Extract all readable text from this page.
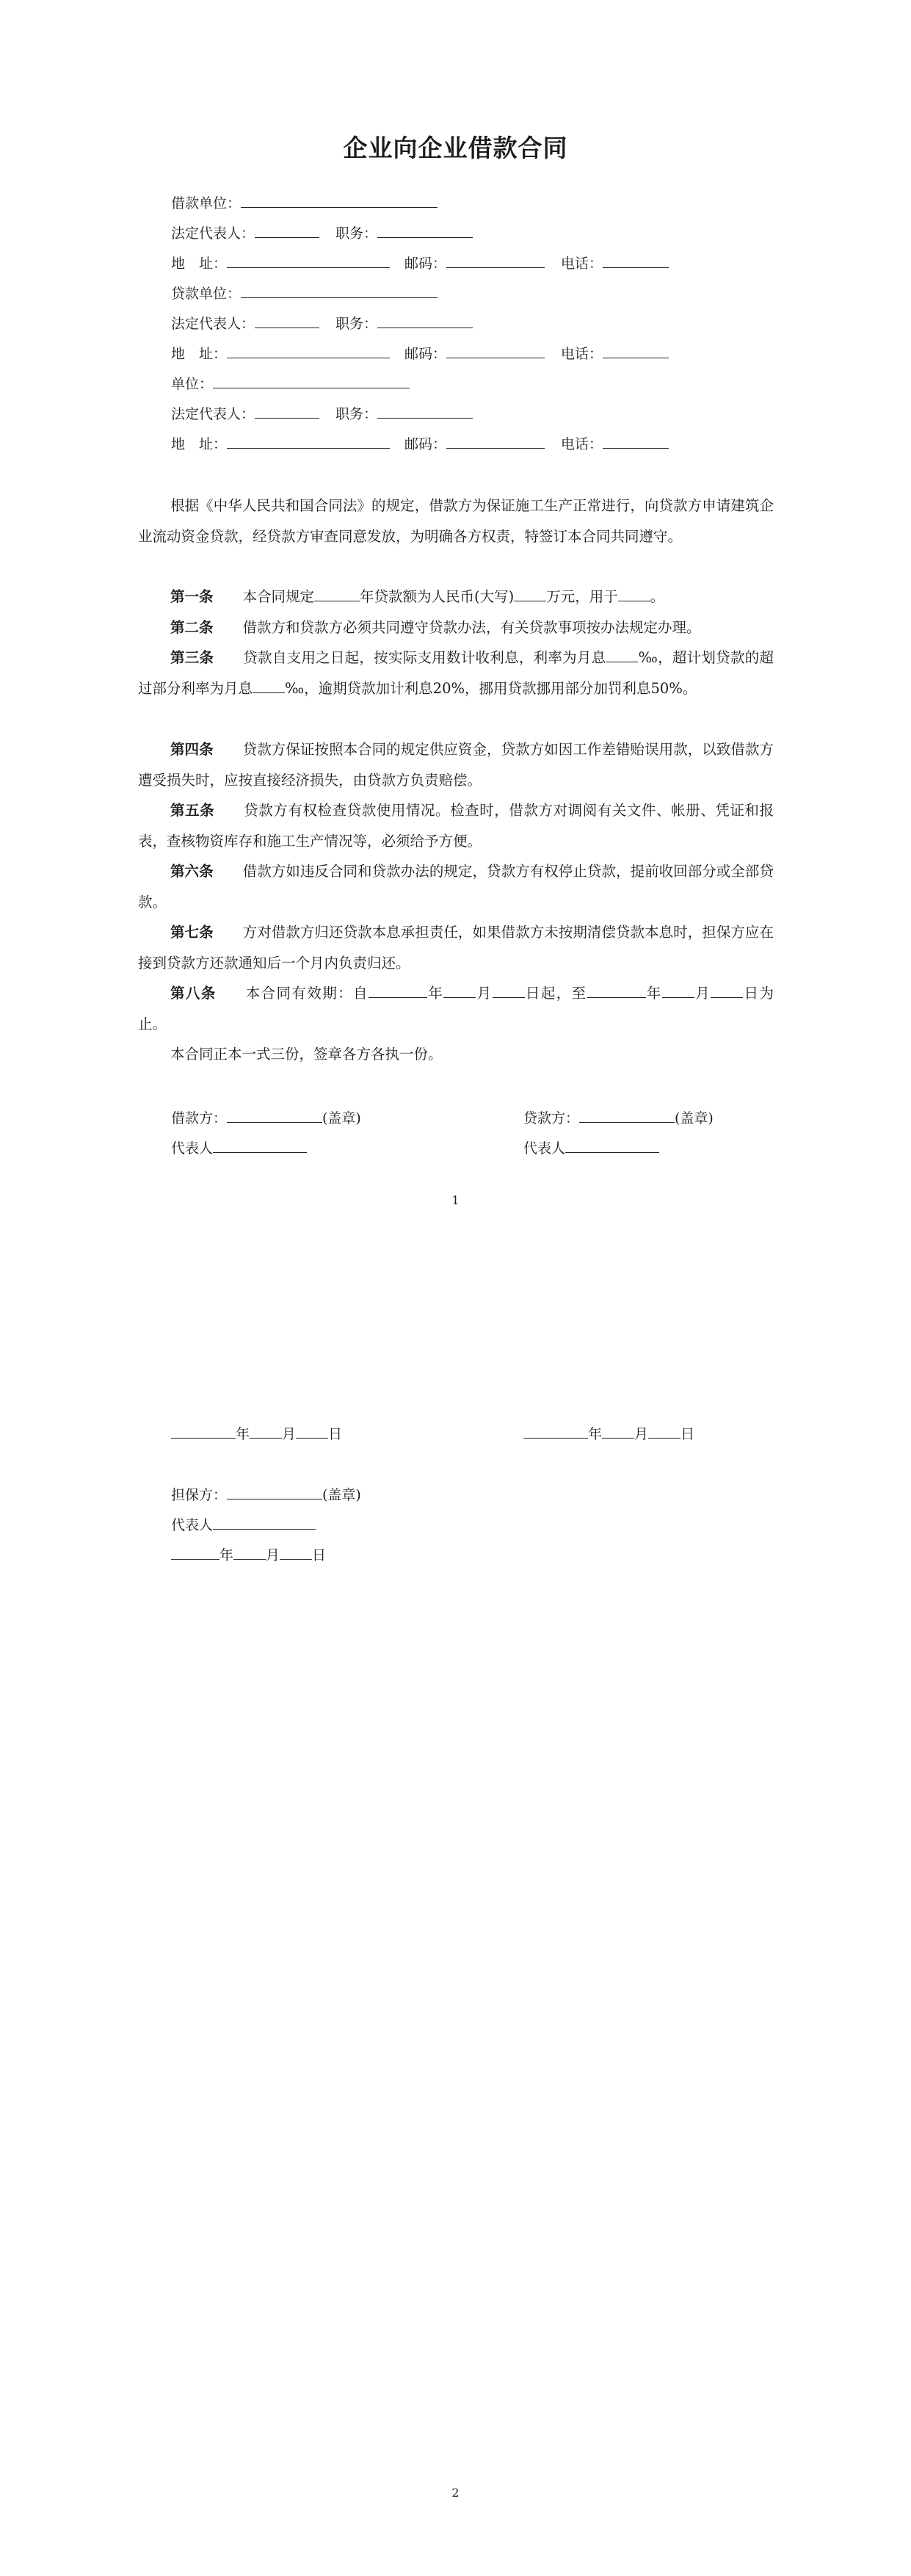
企业向企业借款合同
借款单位：
法定代表人：	职务：
地　址：	邮码：	电话：
贷款单位：
法定代表人：	职务：
地　址：	邮码：	电话：
单位：
法定代表人：	职务：
地　址：	邮码：	电话：
根据《中华人民共和国合同法》的规定，借款方为保证施工生产正常进行，向贷款方申请建筑企业流动资金贷款，经贷款方审查同意发放，为明确各方权责，特签订本合同共同遵守。
第一条 本合同规定	年贷款额为人民币(大写) 万元，用于 。
第二条 借款方和贷款方必须共同遵守贷款办法，有关贷款事项按办法规定办理。
第三条 贷款自支用之日起，按实际支用数计收利息，利率为月息 ‰，超计划贷款的超过部分利率为月息 ‰，逾期贷款加计利息20%，挪用贷款挪用部分加罚利息50%。
第四条 贷款方保证按照本合同的规定供应资金，贷款方如因工作差错贻误用款，以致借款方遭受损失时，应按直接经济损失，由贷款方负责赔偿。
第五条 贷款方有权检查贷款使用情况。检查时，借款方对调阅有关文件、帐册、凭证和报表，查核物资库存和施工生产情况等，必须给予方便。
第六条 借款方如违反合同和贷款办法的规定，贷款方有权停止贷款，提前收回部分或全部贷款。
第七条 方对借款方归还贷款本息承担责任，如果借款方未按期清偿贷款本息时，担保方应在接到贷款方还款通知后一个月内负责归还。
第八条 本合同有效期：自	年 月 日起，至	年 月 日为止。
本合同正本一式三份，签章各方各执一份。
借款方：	(盖章)	贷款方：	(盖章)
代表人	代表人
1
年 月 日	年 月 日
担保方：	(盖章)
代表人
年 月 日
2
